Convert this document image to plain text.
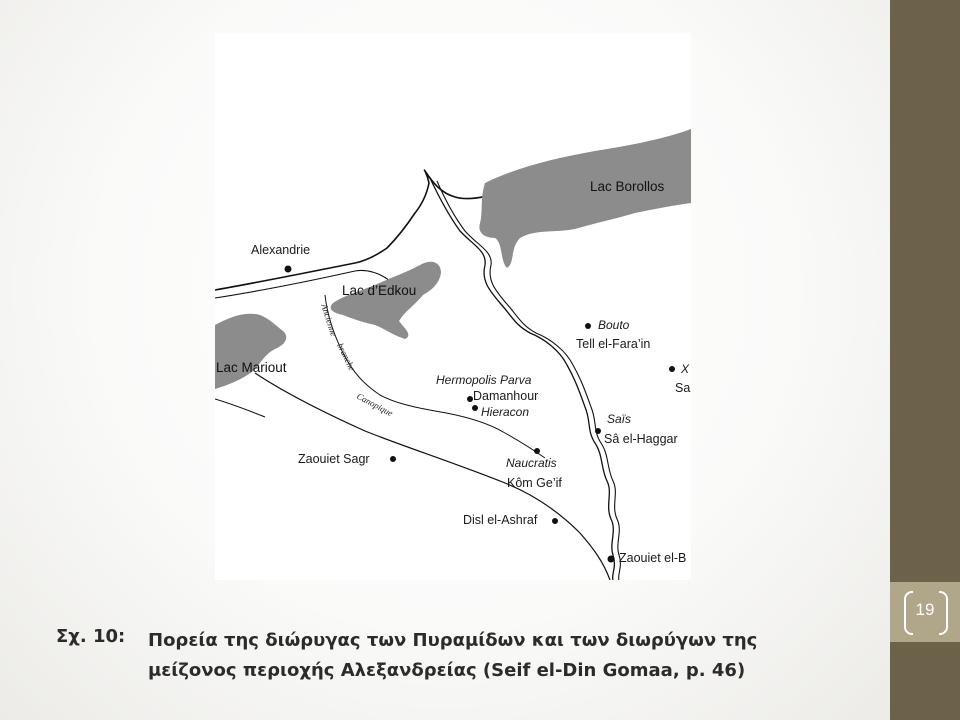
19
Lac Borollos
Lac d’Edkou
Lac Mariout
Ancienne
branche
Canopique
Alexandrie
Bouto
Tell el-Fara’in
X
Sa
Hermopolis Parva
Damanhour
Hieracon	Saïs
Sâ el-Haggar
Zaouiet Sagr	Naucratis
Kôm Ge’if
Disl el-Ashraf
Zaouiet el-B
Σχ. 10: Πορεία της διώρυγας των Πυραμίδων και των διωρύγων της
μείζονος περιοχής Αλεξανδρείας (Seif el-Din Gomaa, p. 46)
